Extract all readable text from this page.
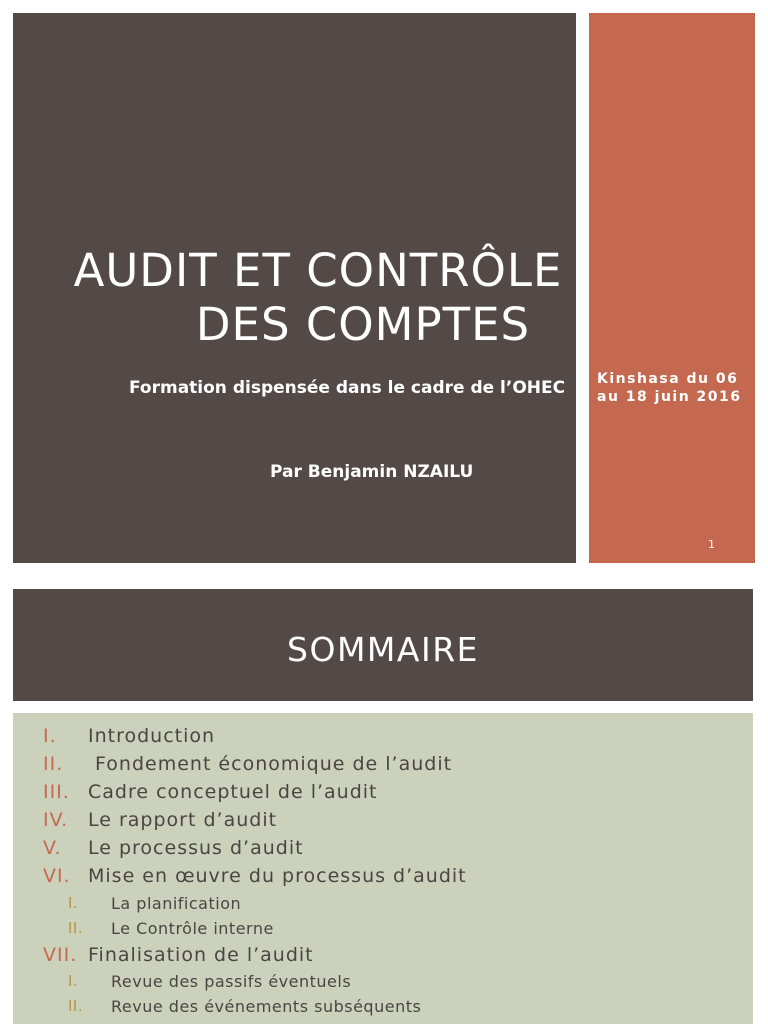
AUDIT ET CONTRÔLE
DES COMPTES
Formation dispensée dans le cadre de l’OHEC	Kinshasa du 06 au 18 juin 2016
Par Benjamin NZAILU
1
SOMMAIRE
I. Introduction
II. Fondement économique de l’audit
III. Cadre conceptuel de l’audit
IV. Le rapport d’audit
V. Le processus d’audit
VI. Mise en œuvre du processus d’audit
I. La planification
II. Le Contrôle interne
VII. Finalisation de l’audit
I. Revue des passifs éventuels
II. Revue des événements subséquents
